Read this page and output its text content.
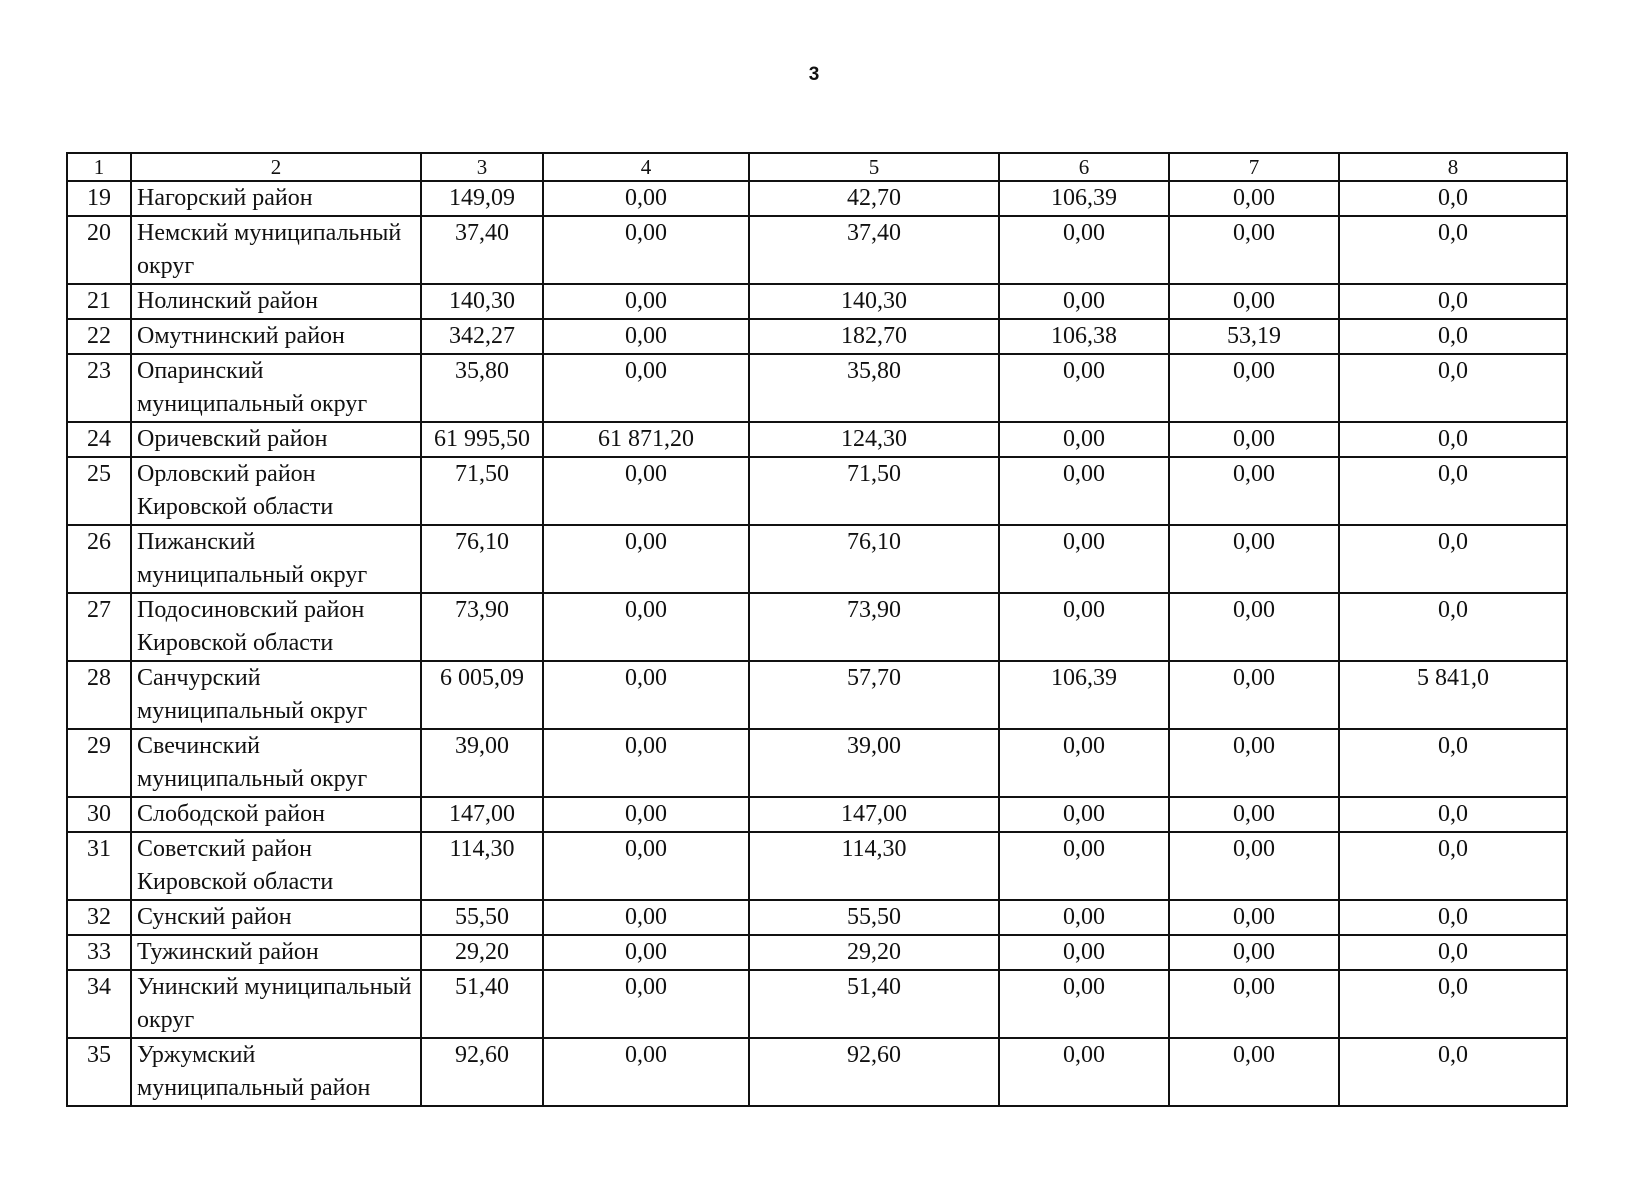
3
1	2	3	4	5	6	7	8
19	Нагорский район	149,09	0,00	42,70	106,39	0,00	0,0
20	Немский муниципальный округ	37,40	0,00	37,40	0,00	0,00	0,0
21	Нолинский район	140,30	0,00	140,30	0,00	0,00	0,0
22	Омутнинский район	342,27	0,00	182,70	106,38	53,19	0,0
23	Опаринский муниципальный округ	35,80	0,00	35,80	0,00	0,00	0,0
24	Оричевский район	61 995,50	61 871,20	124,30	0,00	0,00	0,0
25	Орловский район Кировской области	71,50	0,00	71,50	0,00	0,00	0,0
26	Пижанский муниципальный округ	76,10	0,00	76,10	0,00	0,00	0,0
27	Подосиновский район Кировской области	73,90	0,00	73,90	0,00	0,00	0,0
28	Санчурский муниципальный округ	6 005,09	0,00	57,70	106,39	0,00	5 841,0
29	Свечинский муниципальный округ	39,00	0,00	39,00	0,00	0,00	0,0
30	Слободской район	147,00	0,00	147,00	0,00	0,00	0,0
31	Советский район Кировской области	114,30	0,00	114,30	0,00	0,00	0,0
32	Сунский район	55,50	0,00	55,50	0,00	0,00	0,0
33	Тужинский район	29,20	0,00	29,20	0,00	0,00	0,0
34	Унинский муниципальный округ	51,40	0,00	51,40	0,00	0,00	0,0
35	Уржумский муниципальный район	92,60	0,00	92,60	0,00	0,00	0,0
